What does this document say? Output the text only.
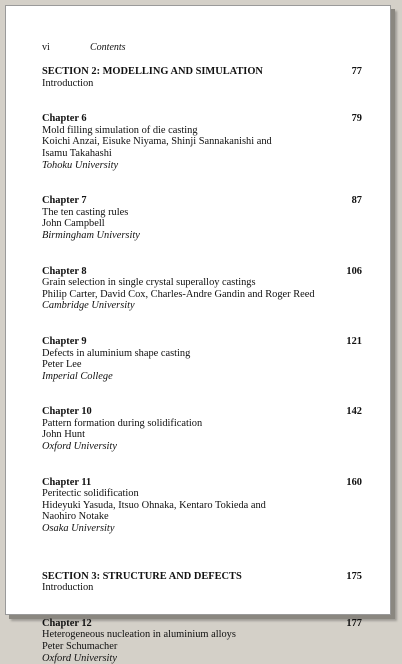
vi	Contents
SECTION 2: MODELLING AND SIMULATION	77
Introduction
Chapter 6	79
Mold filling simulation of die casting
Koichi Anzai, Eisuke Niyama, Shinji Sannakanishi and
Isamu Takahashi
Tohoku University
Chapter 7	87
The ten casting rules
John Campbell
Birmingham University
Chapter 8	106
Grain selection in single crystal superalloy castings
Philip Carter, David Cox, Charles-Andre Gandin and Roger Reed
Cambridge University
Chapter 9	121
Defects in aluminium shape casting
Peter Lee
Imperial College
Chapter 10	142
Pattern formation during solidification
John Hunt
Oxford University
Chapter 11	160
Peritectic solidification
Hideyuki Yasuda, Itsuo Ohnaka, Kentaro Tokieda and
Naohiro Notake
Osaka University
SECTION 3: STRUCTURE AND DEFECTS	175
Introduction
Chapter 12	177
Heterogeneous nucleation in aluminium alloys
Peter Schumacher
Oxford University
